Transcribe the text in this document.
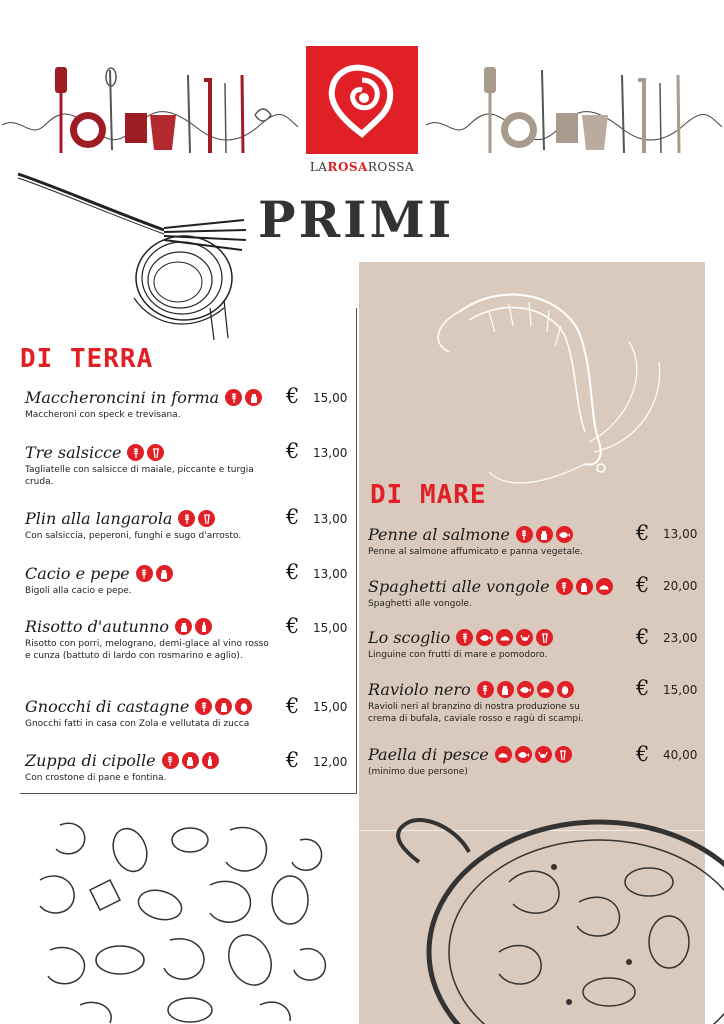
LAROSAROSSA
PRIMI
DI TERRA
DI MARE
Maccheroncini in forma
Maccheroni con speck e trevisana.
€ 15,00
Tre salsicce
Tagliatelle con salsicce di maiale, piccante e turgia cruda.
€ 13,00
Plin alla langarola
Con salsiccia, peperoni, funghi e sugo d'arrosto.
€ 13,00
Cacio e pepe
Bigoli alla cacio e pepe.
€ 13,00
Risotto d'autunno
Risotto con porri, melograno, demi-glace al vino rosso e cunza (battuto di lardo con rosmarino e aglio).
€ 15,00
Gnocchi di castagne
Gnocchi fatti in casa con Zola e vellutata di zucca
€ 15,00
Zuppa di cipolle
Con crostone di pane e fontina.
€ 12,00
Penne al salmone
Penne al salmone affumicato e panna vegetale.
€ 13,00
Spaghetti alle vongole
Spaghetti alle vongole.
€ 20,00
Lo scoglio
Linguine con frutti di mare e pomodoro.
€ 23,00
Raviolo nero
Ravioli neri al branzino di nostra produzione su crema di bufala, caviale rosso e ragù di scampi.
€ 15,00
Paella di pesce
(minimo due persone)
€ 40,00
